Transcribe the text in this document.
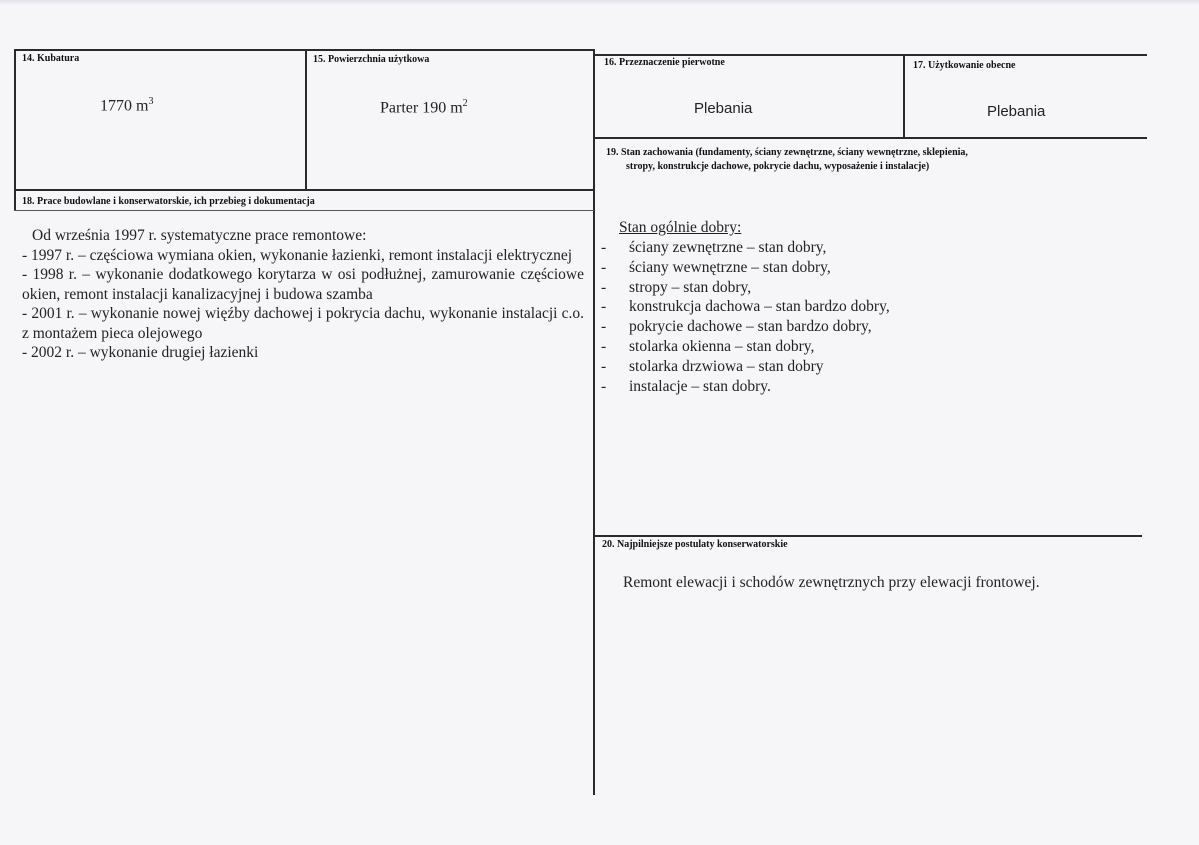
14. Kubatura
1770 $m^3$
15. Powierzchnia użytkowa
Parter 190 $m^2$
16. Przeznaczenie pierwotne
Plebania
17. Użytkowanie obecne
Plebania
18. Prace budowlane i konserwatorskie, ich przebieg i dokumentacja
Od września 1997 r. systematyczne prace remontowe:
- 1997 r. – częściowa wymiana okien, wykonanie łazienki, remont instalacji elektrycznej
- 1998 r. – wykonanie dodatkowego korytarza w osi podłużnej, zamurowanie częściowe okien, remont instalacji kanalizacyjnej i budowa szamba
- 2001 r. – wykonanie nowej więźby dachowej i pokrycia dachu, wykonanie instalacji c.o. z montażem pieca olejowego
- 2002 r. – wykonanie drugiej łazienki
19. Stan zachowania (fundamenty, ściany zewnętrzne, ściany wewnętrzne, sklepienia,
stropy, konstrukcje dachowe, pokrycie dachu, wyposażenie i instalacje)
Stan ogólnie dobry:
- ściany zewnętrzne – stan dobry,
- ściany wewnętrzne – stan dobry,
- stropy – stan dobry,
- konstrukcja dachowa – stan bardzo dobry,
- pokrycie dachowe – stan bardzo dobry,
- stolarka okienna – stan dobry,
- stolarka drzwiowa – stan dobry
- instalacje – stan dobry.
20. Najpilniejsze postulaty konserwatorskie
Remont elewacji i schodów zewnętrznych przy elewacji frontowej.
